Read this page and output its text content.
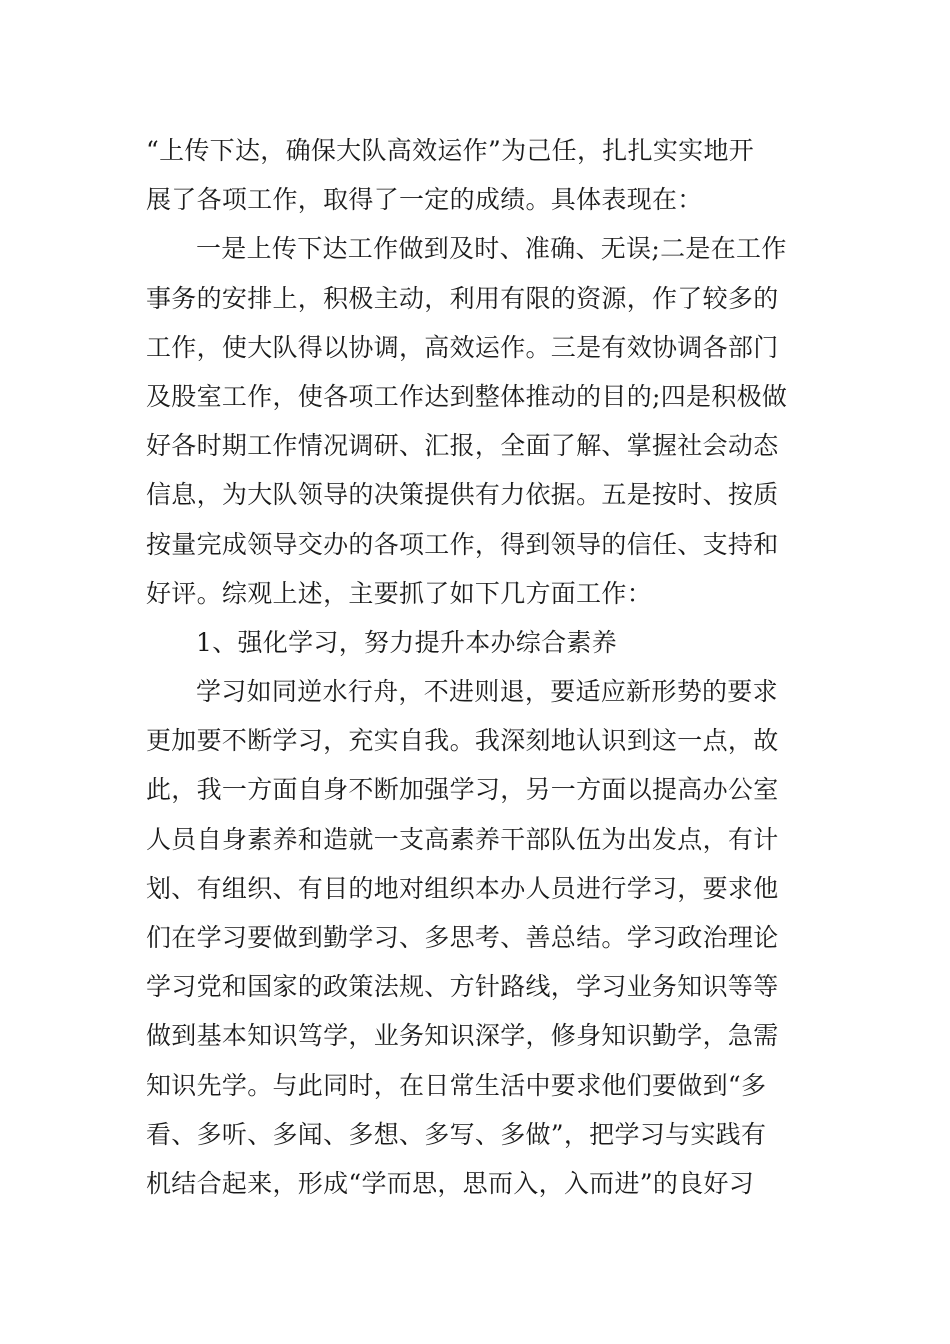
“上传下达，确保大队高效运作”为己任，扎扎实实地开
展了各项工作，取得了一定的成绩。具体表现在：
一是上传下达工作做到及时、准确、无误;二是在工作
事务的安排上，积极主动，利用有限的资源，作了较多的
工作，使大队得以协调，高效运作。三是有效协调各部门
及股室工作，使各项工作达到整体推动的目的;四是积极做
好各时期工作情况调研、汇报，全面了解、掌握社会动态
信息，为大队领导的决策提供有力依据。五是按时、按质
按量完成领导交办的各项工作，得到领导的信任、支持和
好评。综观上述，主要抓了如下几方面工作：
1、强化学习，努力提升本办综合素养
学习如同逆水行舟，不进则退，要适应新形势的要求
更加要不断学习，充实自我。我深刻地认识到这一点，故
此，我一方面自身不断加强学习，另一方面以提高办公室
人员自身素养和造就一支高素养干部队伍为出发点，有计
划、有组织、有目的地对组织本办人员进行学习，要求他
们在学习要做到勤学习、多思考、善总结。学习政治理论
学习党和国家的政策法规、方针路线，学习业务知识等等
做到基本知识笃学，业务知识深学，修身知识勤学，急需
知识先学。与此同时，在日常生活中要求他们要做到“多
看、多听、多闻、多想、多写、多做”，把学习与实践有
机结合起来，形成“学而思，思而入，入而进”的良好习
